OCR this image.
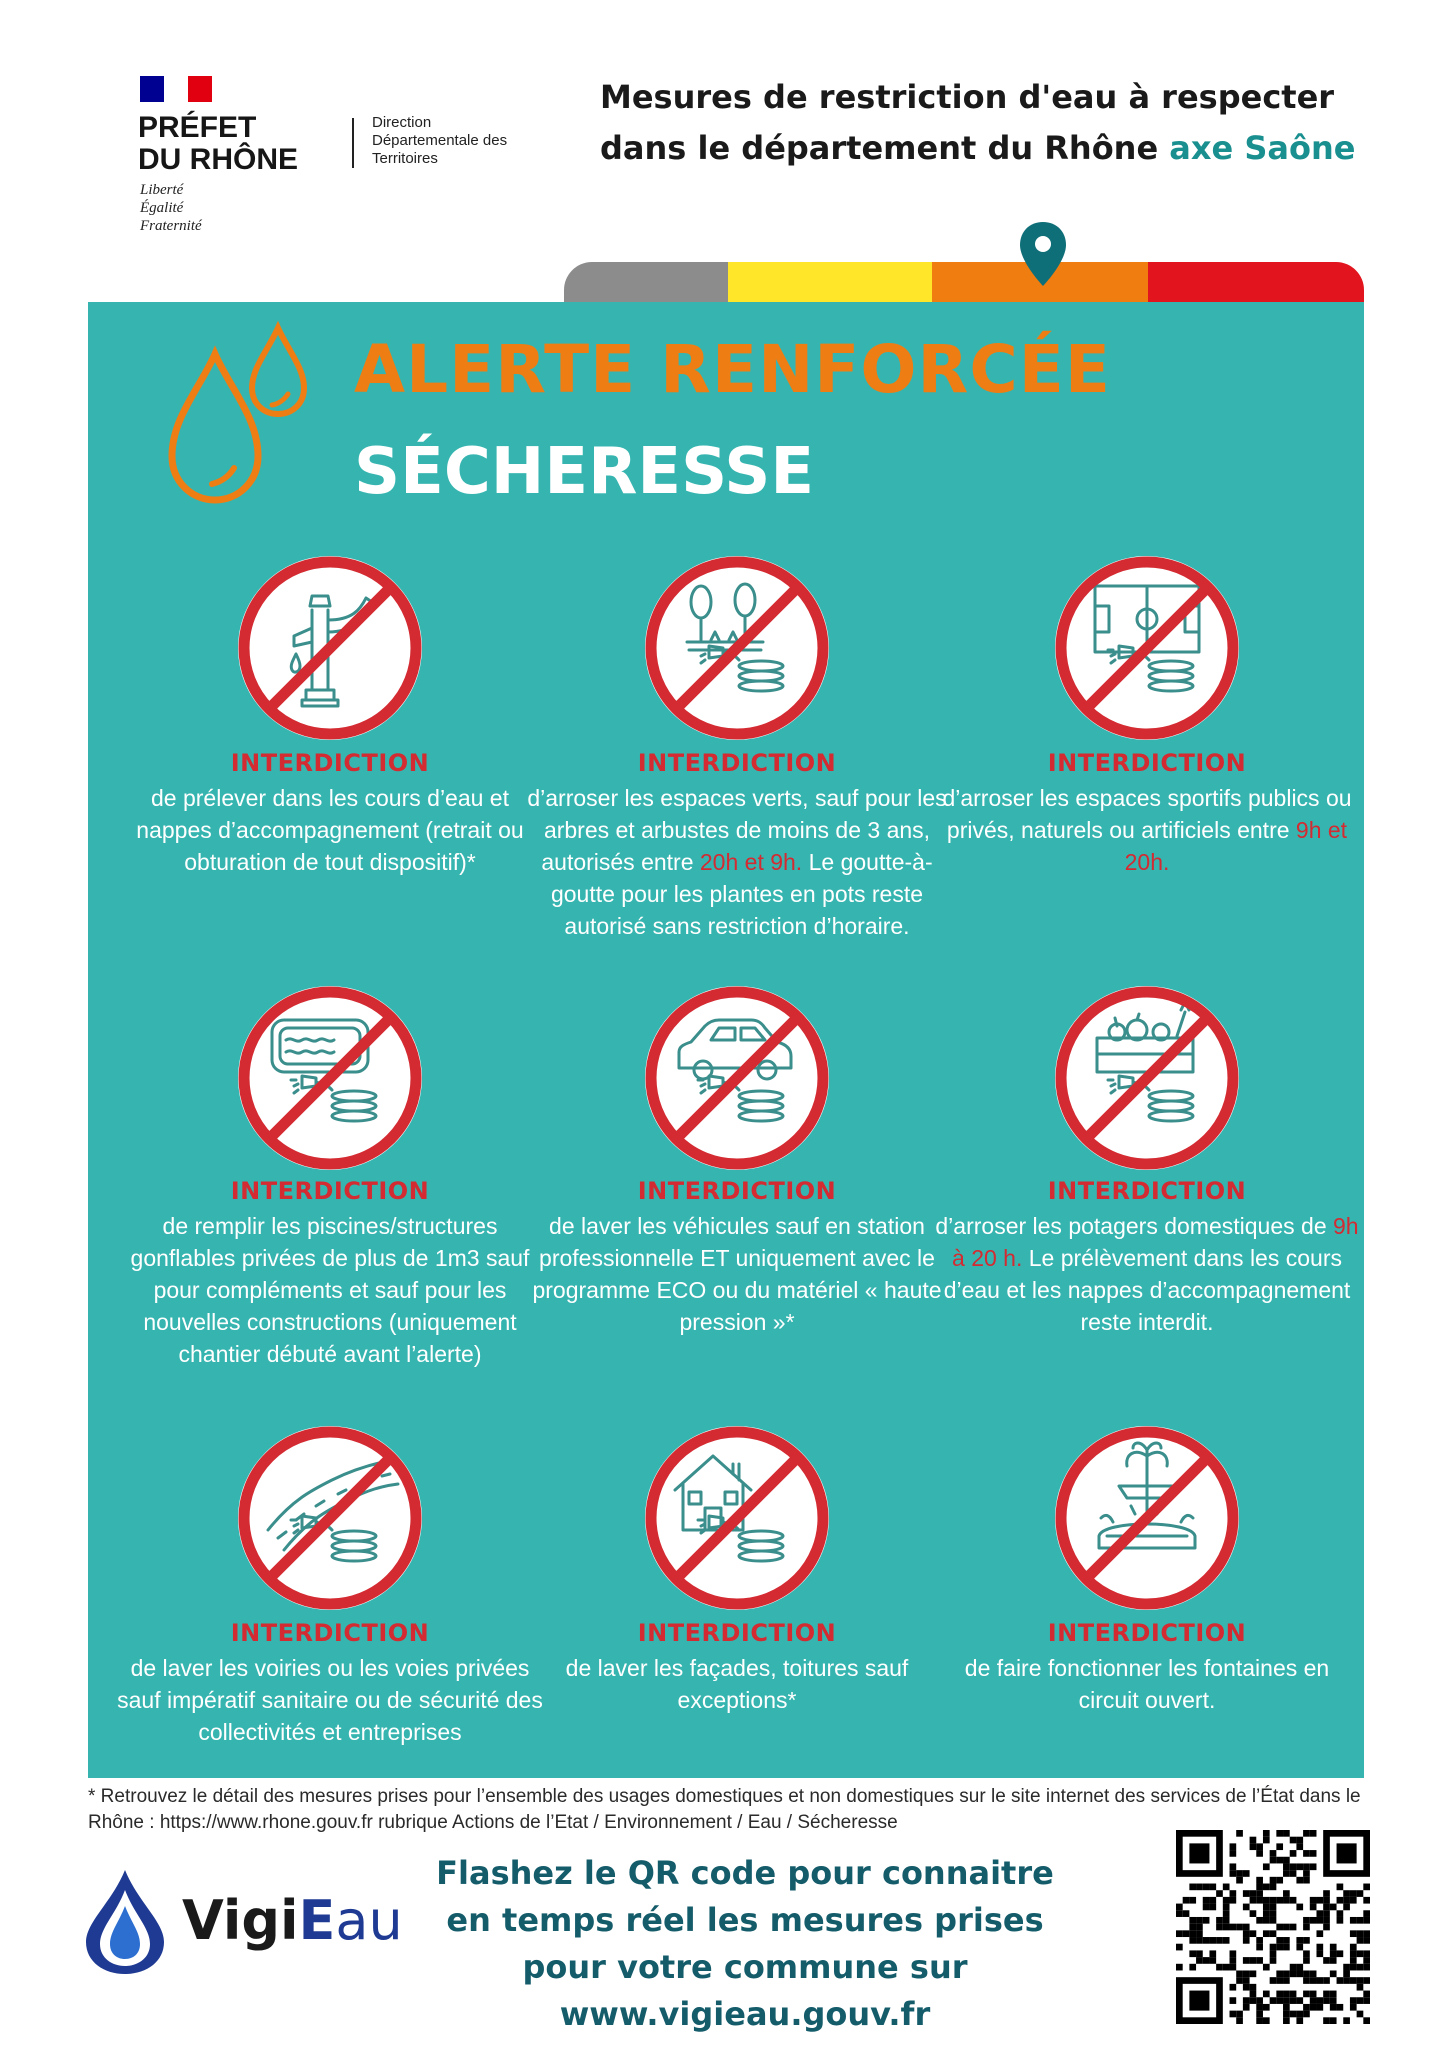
PRÉFET
DU RHÔNE
Liberté
Égalité
Fraternité
Direction
Départementale des
Territoires
Mesures de restriction d'eau à respecter dans le département du Rhône axe Saône
ALERTE RENFORCÉE
SÉCHERESSE
INTERDICTION
de prélever dans les cours d’eau et nappes d’accompagnement (retrait ou obturation de tout dispositif)*
INTERDICTION
d’arroser les espaces verts, sauf pour les arbres et arbustes de moins de 3 ans, autorisés entre 20h et 9h. Le goutte-à-goutte pour les plantes en pots reste autorisé sans restriction d’horaire.
INTERDICTION
d’arroser les espaces sportifs publics ou privés, naturels ou artificiels entre 9h et 20h.
INTERDICTION
de remplir les piscines/structures gonflables privées de plus de 1m3 sauf pour compléments et sauf pour les nouvelles constructions (uniquement chantier débuté avant l’alerte)
INTERDICTION
de laver les véhicules sauf en station professionnelle ET uniquement avec le programme ECO ou du matériel « haute pression »*
INTERDICTION
d’arroser les potagers domestiques de 9h à 20 h. Le prélèvement dans les cours d’eau et les nappes d’accompagnement reste interdit.
INTERDICTION
de laver les voiries ou les voies privées sauf impératif sanitaire ou de sécurité des collectivités et entreprises
INTERDICTION
de laver les façades, toitures sauf exceptions*
INTERDICTION
de faire fonctionner les fontaines en circuit ouvert.
* Retrouvez le détail des mesures prises pour l’ensemble des usages domestiques et non domestiques sur le site internet des services de l’État dans le Rhône : https://www.rhone.gouv.fr rubrique Actions de l’Etat / Environnement / Eau / Sécheresse
VigiEau
Flashez le QR code pour connaitre en temps réel les mesures prises pour votre commune sur www.vigieau.gouv.fr
